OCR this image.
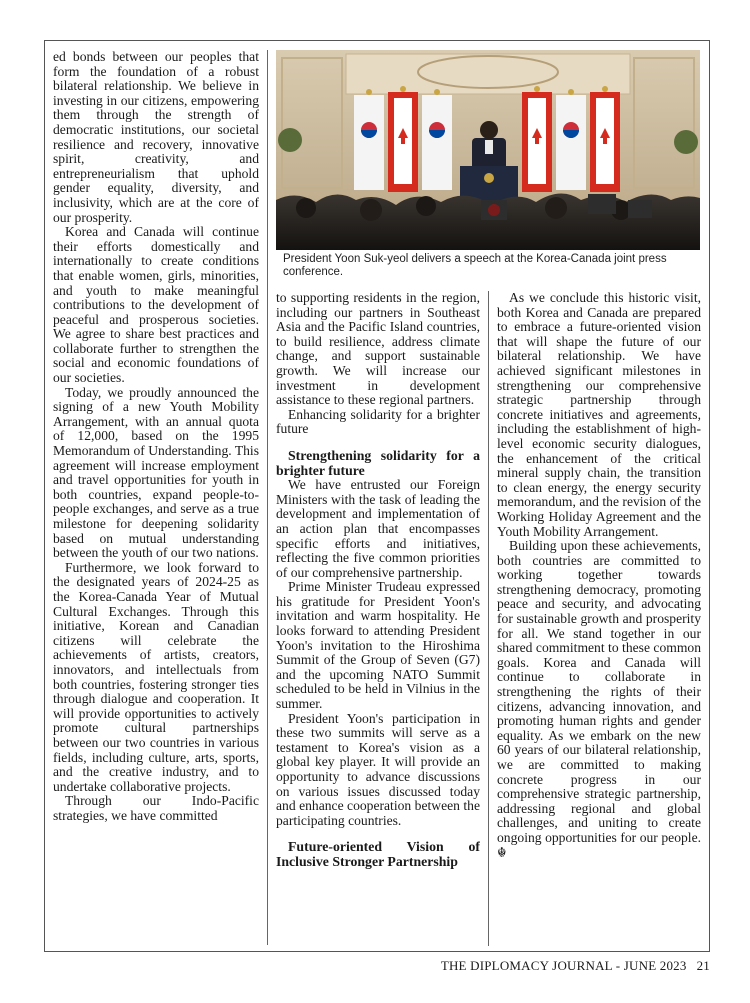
ed bonds between our peoples that form the foundation of a robust bilateral relationship. We believe in investing in our citizens, empowering them through the strength of democratic institutions, our societal resilience and recovery, innovative spirit, creativity, and entrepreneurialism that uphold gender equality, diversity, and inclusivity, which are at the core of our prosperity.

Korea and Canada will continue their efforts domestically and internationally to create conditions that enable women, girls, minorities, and youth to make meaningful contributions to the development of peaceful and prosperous societies. We agree to share best practices and collaborate further to strengthen the social and economic foundations of our societies.

Today, we proudly announced the signing of a new Youth Mobility Arrangement, with an annual quota of 12,000, based on the 1995 Memorandum of Understanding. This agreement will increase employment and travel opportunities for youth in both countries, expand people-to-people exchanges, and serve as a true milestone for deepening solidarity based on mutual understanding between the youth of our two nations.

Furthermore, we look forward to the designated years of 2024-25 as the Korea-Canada Year of Mutual Cultural Exchanges. Through this initiative, Korean and Canadian citizens will celebrate the achievements of artists, creators, innovators, and intellectuals from both countries, fostering stronger ties through dialogue and cooperation. It will provide opportunities to actively promote cultural partnerships between our two countries in various fields, including culture, arts, sports, and the creative industry, and to undertake collaborative projects.

Through our Indo-Pacific strategies, we have committed

President Yoon Suk-yeol delivers a speech at the Korea-Canada joint press conference.

to supporting residents in the region, including our partners in Southeast Asia and the Pacific Island countries, to build resilience, address climate change, and support sustainable growth. We will increase our investment in development assistance to these regional partners.

Enhancing solidarity for a brighter future

Strengthening solidarity for a brighter future

We have entrusted our Foreign Ministers with the task of leading the development and implementation of an action plan that encompasses specific efforts and initiatives, reflecting the five common priorities of our comprehensive partnership.

Prime Minister Trudeau expressed his gratitude for President Yoon's invitation and warm hospitality. He looks forward to attending President Yoon's invitation to the Hiroshima Summit of the Group of Seven (G7) and the upcoming NATO Summit scheduled to be held in Vilnius in the summer.

President Yoon's participation in these two summits will serve as a testament to Korea's vision as a global key player. It will provide an opportunity to advance discussions on various issues discussed today and enhance cooperation between the participating countries.

Future-oriented Vision of Inclusive Stronger Partnership

As we conclude this historic visit, both Korea and Canada are prepared to embrace a future-oriented vision that will shape the future of our bilateral relationship. We have achieved significant milestones in strengthening our comprehensive strategic partnership through concrete initiatives and agreements, including the establishment of high-level economic security dialogues, the enhancement of the critical mineral supply chain, the transition to clean energy, the energy security memorandum, and the revision of the Working Holiday Agreement and the Youth Mobility Arrangement.

Building upon these achievements, both countries are committed to working together towards strengthening democracy, promoting peace and security, and advocating for sustainable growth and prosperity for all. We stand together in our shared commitment to these common goals. Korea and Canada will continue to collaborate in strengthening the rights of their citizens, advancing innovation, and promoting human rights and gender equality. As we embark on the new 60 years of our bilateral relationship, we are committed to making concrete progress in our comprehensive strategic partnership, addressing regional and global challenges, and uniting to create ongoing opportunities for our people. ☬

THE DIPLOMACY JOURNAL - JUNE 2023 21
